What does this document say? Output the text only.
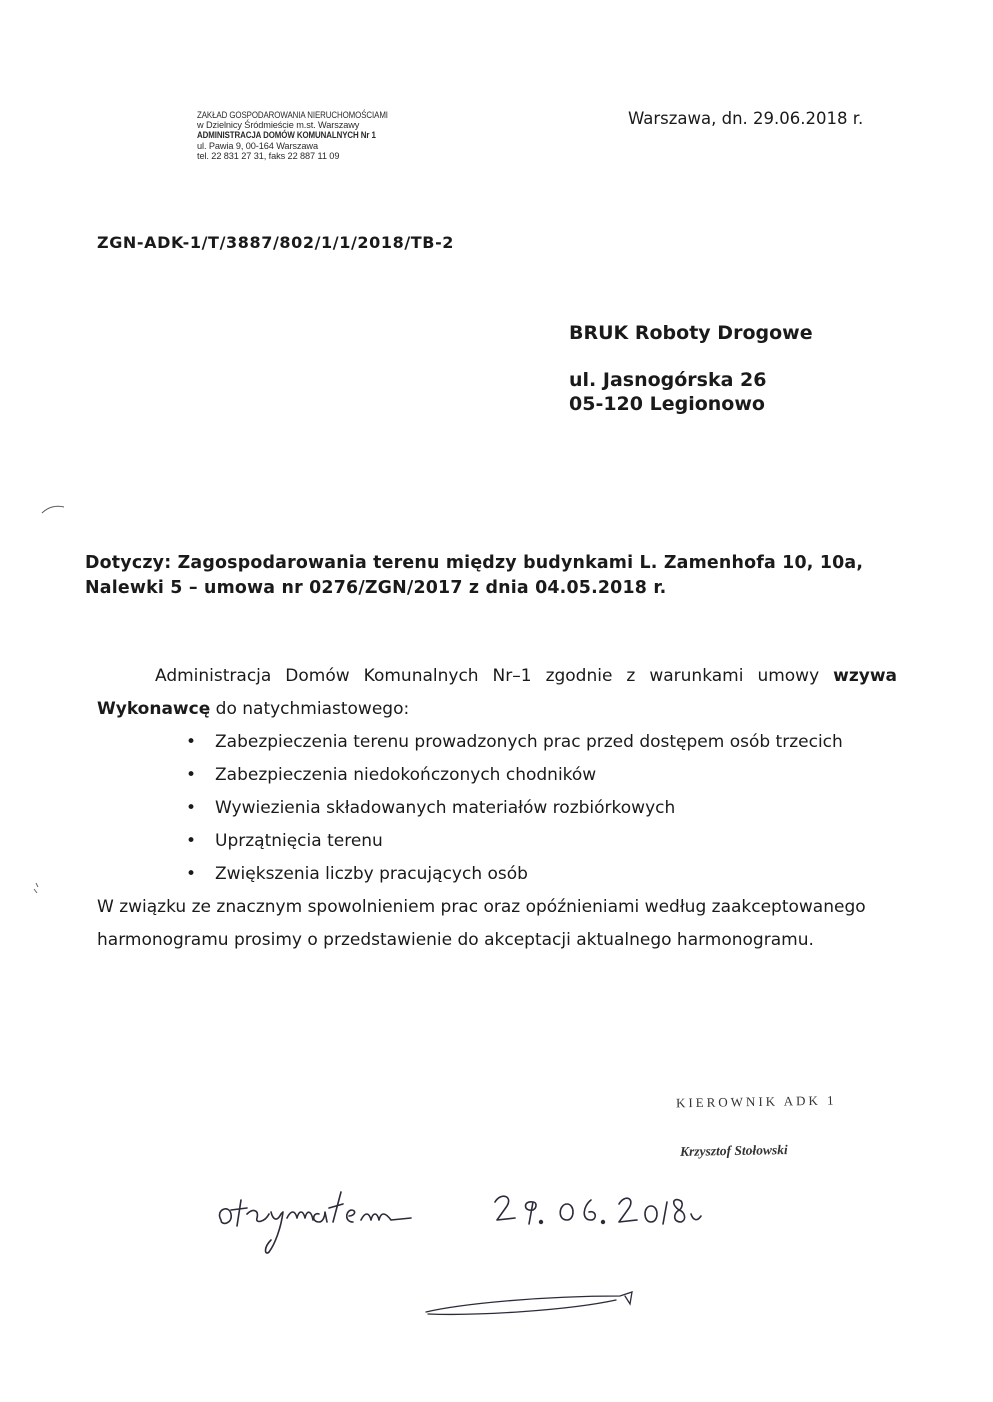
ZAKŁAD GOSPODAROWANIA NIERUCHOMOŚCIAMI
w Dzielnicy Śródmieście m.st. Warszawy
ADMINISTRACJA DOMÓW KOMUNALNYCH Nr 1
ul. Pawia 9, 00-164 Warszawa
tel. 22 831 27 31, faks 22 887 11 09
Warszawa, dn. 29.06.2018 r.
ZGN-ADK-1/T/3887/802/1/1/2018/TB-2
BRUK Roboty Drogowe
ul. Jasnogórska 26
05-120 Legionowo
Dotyczy: Zagospodarowania terenu między budynkami L. Zamenhofa 10, 10a, Nalewki 5 – umowa nr 0276/ZGN/2017 z dnia 04.05.2018 r.

Administracja Domów Komunalnych Nr–1 zgodnie z warunkami umowy wzywa Wykonawcę do natychmiastowego:

• Zabezpieczenia terenu prowadzonych prac przed dostępem osób trzecich
• Zabezpieczenia niedokończonych chodników
• Wywiezienia składowanych materiałów rozbiórkowych
• Uprzątnięcia terenu
• Zwiększenia liczby pracujących osób

W związku ze znacznym spowolnieniem prac oraz opóźnieniami według zaakceptowanego harmonogramu prosimy o przedstawienie do akceptacji aktualnego harmonogramu.

KIEROWNIK ADK 1
Krzysztof Stołowski
